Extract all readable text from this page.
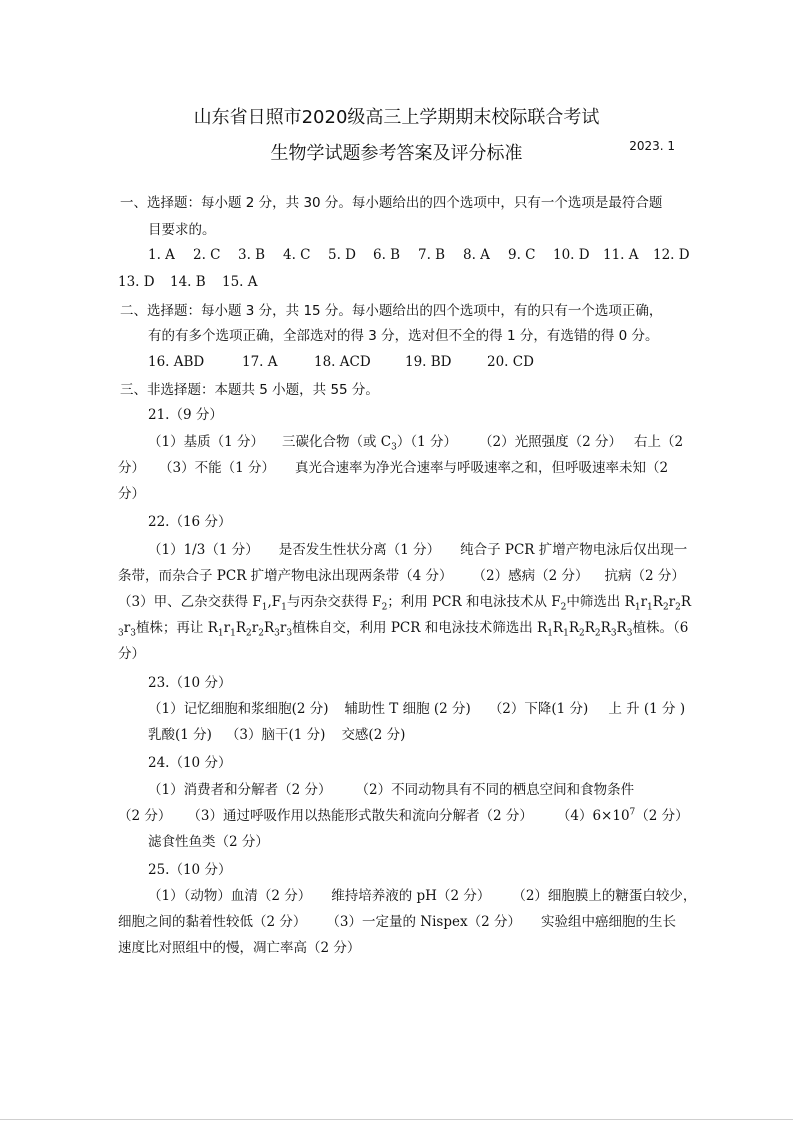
山东省日照市2020级高三上学期期末校际联合考试
生物学试题参考答案及评分标准	2023. 1
一、选择题：每小题 2 分，共 30 分。每小题给出的四个选项中，只有一个选项是最符合题
目要求的。
1. A 2. C 3. B 4. C 5. D 6. B 7. B 8. A 9. C 10. D 11. A 12. D
13. D 14. B 15. A
二、选择题：每小题 3 分，共 15 分。每小题给出的四个选项中，有的只有一个选项正确，
有的有多个选项正确，全部选对的得 3 分，选对但不全的得 1 分，有选错的得 0 分。
16. ABD	17. A	18. ACD	19. BD	20. CD
三、非选择题：本题共 5 小题，共 55 分。
21.（9 分）
（1）基质（1 分） 三碳化合物（或 $C_3)(1$ 分） （2）光照强度（2 分） 右上（2
分） （3）不能（1 分） 真光合速率为净光合速率与呼吸速率之和，但呼吸速率未知（2
分）
22.（16 分）
（1）1/3（1 分） 是否发生性状分离（1 分） 纯合子 PCR 扩增产物电泳后仅出现一
条带，而杂合子 PCR 扩增产物电泳出现两条带（4 分） （2）感病（2 分） 抗病（2 分）
（3）甲、乙杂交获得 $F_1,F_1$与丙杂交获得 $F_2$；利用 PCR 和电泳技术从 $F_2$中筛选出 $R_1r_1R_2r_2R$
$_3r_3$植株；再让 $R_1r_1R_2r_2R_3r_3$植株自交，利用 PCR 和电泳技术筛选出 $R_1R_1R_2R_2R_3R_3$植株。（6
分）
23.（10 分）
（1）记忆细胞和浆细胞(2 分) 辅助性 T 细胞 (2 分) （2）下降(1 分) 上 升 (1 分 )
乳酸(1 分) （3）脑干(1 分) 交感(2 分)
24.（10 分）
（1）消费者和分解者（2 分） （2）不同动物具有不同的栖息空间和食物条件
（2 分） （3）通过呼吸作用以热能形式散失和流向分解者（2 分） $(4)6\times 10^7(2$ 分）
滤食性鱼类（2 分）
25.（10 分）
（1）（动物）血清（2 分） 维持培养液的 pH（2 分） （2）细胞膜上的糖蛋白较少，
细胞之间的黏着性较低（2 分） （3）一定量的 Nispex（2 分） 实验组中癌细胞的生长
速度比对照组中的慢，凋亡率高（2 分）
